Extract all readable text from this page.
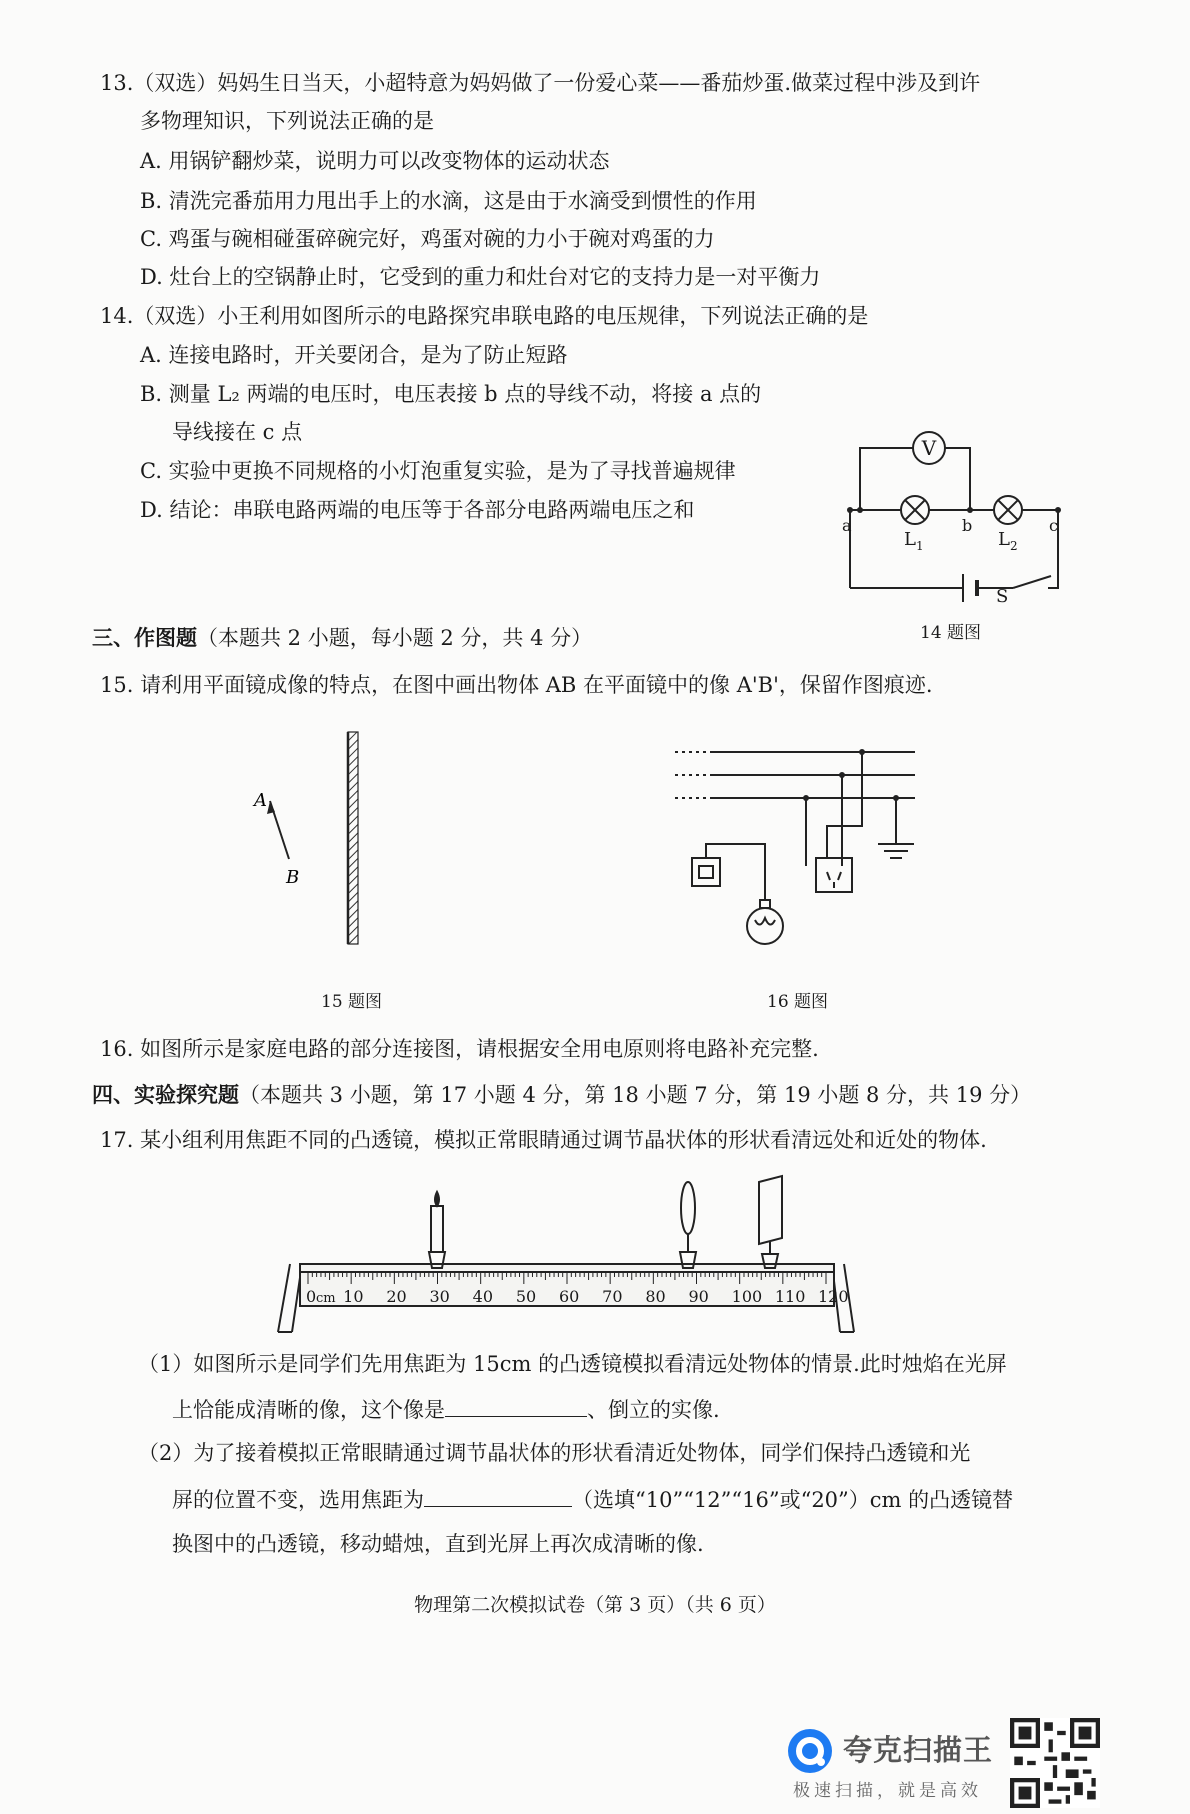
13.（双选）妈妈生日当天，小超特意为妈妈做了一份爱心菜——番茄炒蛋.做菜过程中涉及到许
多物理知识，下列说法正确的是
A. 用锅铲翻炒菜，说明力可以改变物体的运动状态
B. 清洗完番茄用力甩出手上的水滴，这是由于水滴受到惯性的作用
C. 鸡蛋与碗相碰蛋碎碗完好，鸡蛋对碗的力小于碗对鸡蛋的力
D. 灶台上的空锅静止时，它受到的重力和灶台对它的支持力是一对平衡力
14.（双选）小王利用如图所示的电路探究串联电路的电压规律，下列说法正确的是
A. 连接电路时，开关要闭合，是为了防止短路
B. 测量 L₂ 两端的电压时，电压表接 b 点的导线不动，将接 a 点的
导线接在 c 点
C. 实验中更换不同规格的小灯泡重复实验，是为了寻找普遍规律
D. 结论：串联电路两端的电压等于各部分电路两端电压之和
V
a	b	c
L 1	L 2
S
14 题图
三、作图题（本题共 2 小题，每小题 2 分，共 4 分）
15. 请利用平面镜成像的特点，在图中画出物体 AB 在平面镜中的像 A'B'，保留作图痕迹.
A
B
15 题图	16 题图
16. 如图所示是家庭电路的部分连接图，请根据安全用电原则将电路补充完整.
四、实验探究题（本题共 3 小题，第 17 小题 4 分，第 18 小题 7 分，第 19 小题 8 分，共 19 分）
17. 某小组利用焦距不同的凸透镜，模拟正常眼睛通过调节晶状体的形状看清远处和近处的物体.
0 cm 10 20 30 40 50 60 70 80 90 100 110 120
（1）如图所示是同学们先用焦距为 15cm 的凸透镜模拟看清远处物体的情景.此时烛焰在光屏
上恰能成清晰的像，这个像是	、倒立的实像.
（2）为了接着模拟正常眼睛通过调节晶状体的形状看清近处物体，同学们保持凸透镜和光
屏的位置不变，选用焦距为	（选填“10”“12”“16”或“20”）cm 的凸透镜替
换图中的凸透镜，移动蜡烛，直到光屏上再次成清晰的像.
物理第二次模拟试卷（第 3 页）（共 6 页）
夸克扫描王
极速扫描，就是高效
